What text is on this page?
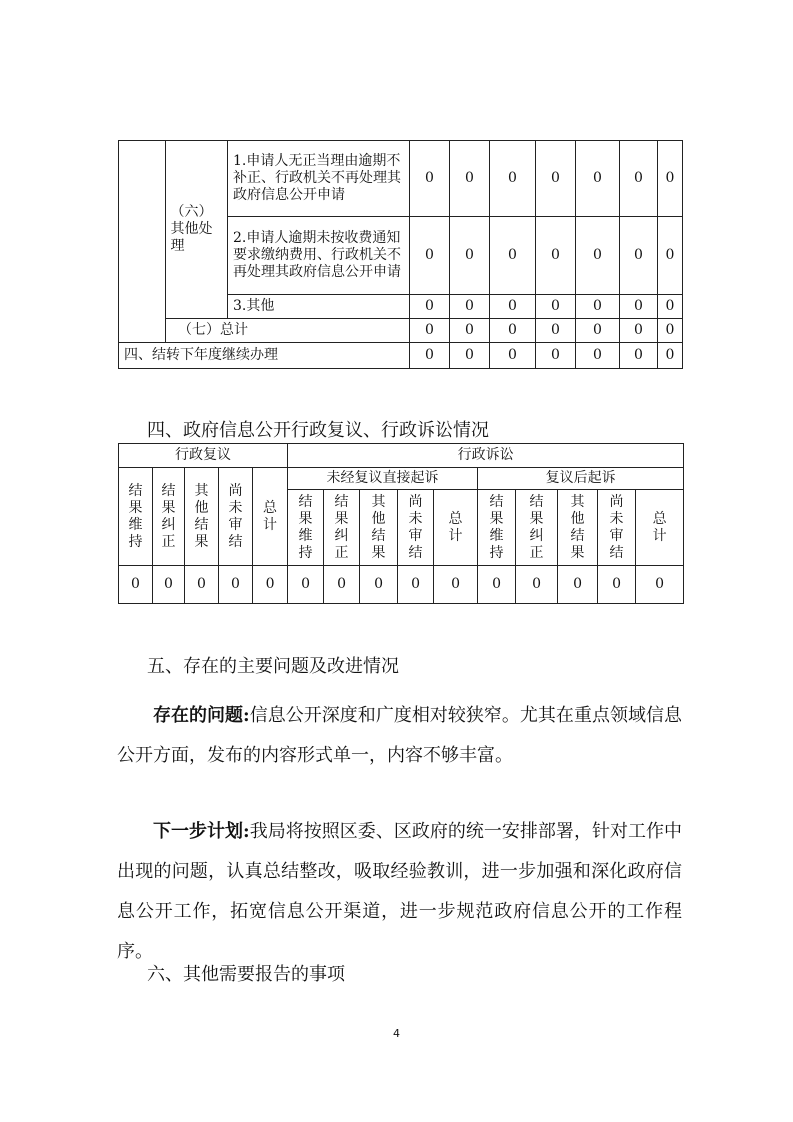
	（六）其他处理	1.申请人无正当理由逾期不补正、行政机关不再处理其政府信息公开申请	0	0	0	0	0	0	0
		2.申请人逾期未按收费通知要求缴纳费用、行政机关不再处理其政府信息公开申请	0	0	0	0	0	0	0
		3.其他	0	0	0	0	0	0	0
	（七）总计		0	0	0	0	0	0	0
四、结转下年度继续办理			0	0	0	0	0	0	0
四、政府信息公开行政复议、行政诉讼情况
行政复议					行政诉讼									
结果维持	结果纠正	其他结果	尚未审结	总计	未经复议直接起诉					复议后起诉				
					结果维持	结果纠正	其他结果	尚未审结	总计	结果维持	结果纠正	其他结果	尚未审结	总计
0	0	0	0	0	0	0	0	0	0	0	0	0	0	0
五、存在的主要问题及改进情况

存在的问题:信息公开深度和广度相对较狭窄。尤其在重点领域信息公开方面，发布的内容形式单一，内容不够丰富。

下一步计划:我局将按照区委、区政府的统一安排部署，针对工作中出现的问题，认真总结整改，吸取经验教训，进一步加强和深化政府信息公开工作，拓宽信息公开渠道，进一步规范政府信息公开的工作程序。

六、其他需要报告的事项
4
